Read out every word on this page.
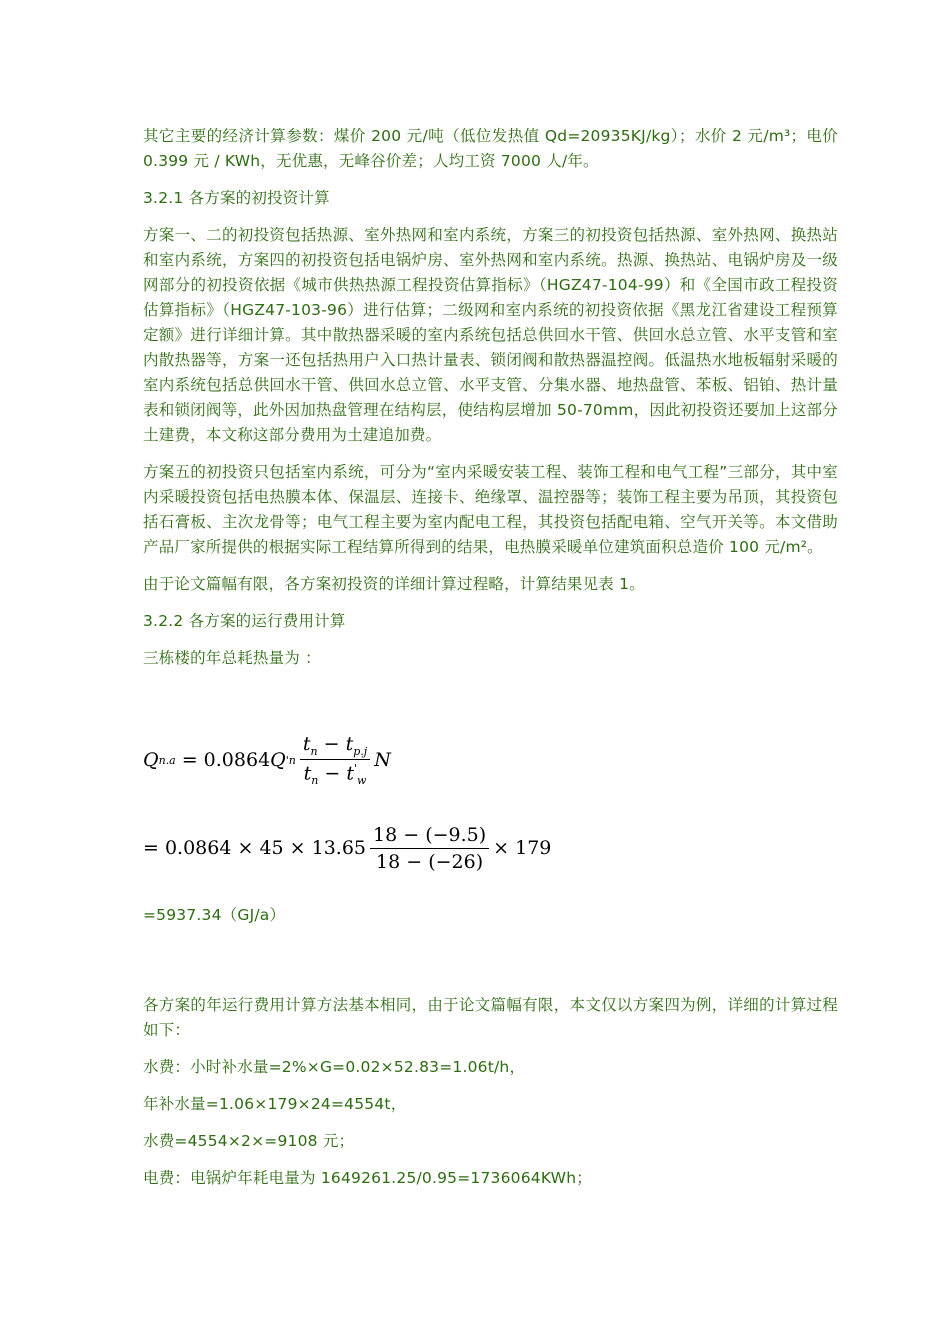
其它主要的经济计算参数：煤价 200 元/吨（低位发热值 Qd=20935KJ/kg）；水价 2 元/m³；电价 0.399 元 / KWh，无优惠，无峰谷价差；人均工资 7000 人/年。

3.2.1 各方案的初投资计算

方案一、二的初投资包括热源、室外热网和室内系统，方案三的初投资包括热源、室外热网、换热站和室内系统，方案四的初投资包括电锅炉房、室外热网和室内系统。热源、换热站、电锅炉房及一级网部分的初投资依据《城市供热热源工程投资估算指标》（HGZ47-104-99）和《全国市政工程投资估算指标》（HGZ47-103-96）进行估算；二级网和室内系统的初投资依据《黑龙江省建设工程预算定额》进行详细计算。其中散热器采暖的室内系统包括总供回水干管、供回水总立管、水平支管和室内散热器等，方案一还包括热用户入口热计量表、锁闭阀和散热器温控阀。低温热水地板辐射采暖的室内系统包括总供回水干管、供回水总立管、水平支管、分集水器、地热盘管、苯板、铝铂、热计量表和锁闭阀等，此外因加热盘管理在结构层，使结构层增加 50-70mm，因此初投资还要加上这部分土建费，本文称这部分费用为土建追加费。

方案五的初投资只包括室内系统，可分为“室内采暖安装工程、装饰工程和电气工程”三部分，其中室内采暖投资包括电热膜本体、保温层、连接卡、绝缘罩、温控器等；装饰工程主要为吊顶，其投资包括石膏板、主次龙骨等；电气工程主要为室内配电工程，其投资包括配电箱、空气开关等。本文借助产品厂家所提供的根据实际工程结算所得到的结果，电热膜采暖单位建筑面积总造价 100 元/m²。

由于论文篇幅有限，各方案初投资的详细计算过程略，计算结果见表 1。

3.2.2 各方案的运行费用计算

三栋楼的年总耗热量为 ：

Q n.a = 0.0864 Q ' n $\frac{t_n - t_{p.j}}{t_n - t'_w}$ N
= $0.0864 \times 45 \times 13.65 \frac{18 - (-9.5)}{18 - (-26)} \times 179$

=5937.34（GJ/a）

各方案的年运行费用计算方法基本相同，由于论文篇幅有限，本文仅以方案四为例，详细的计算过程如下：

水费：小时补水量=2%×G=0.02×52.83=1.06t/h，

年补水量=1.06×179×24=4554t，

水费=4554×2×=9108 元；

电费：电锅炉年耗电量为 1649261.25/0.95=1736064KWh；
